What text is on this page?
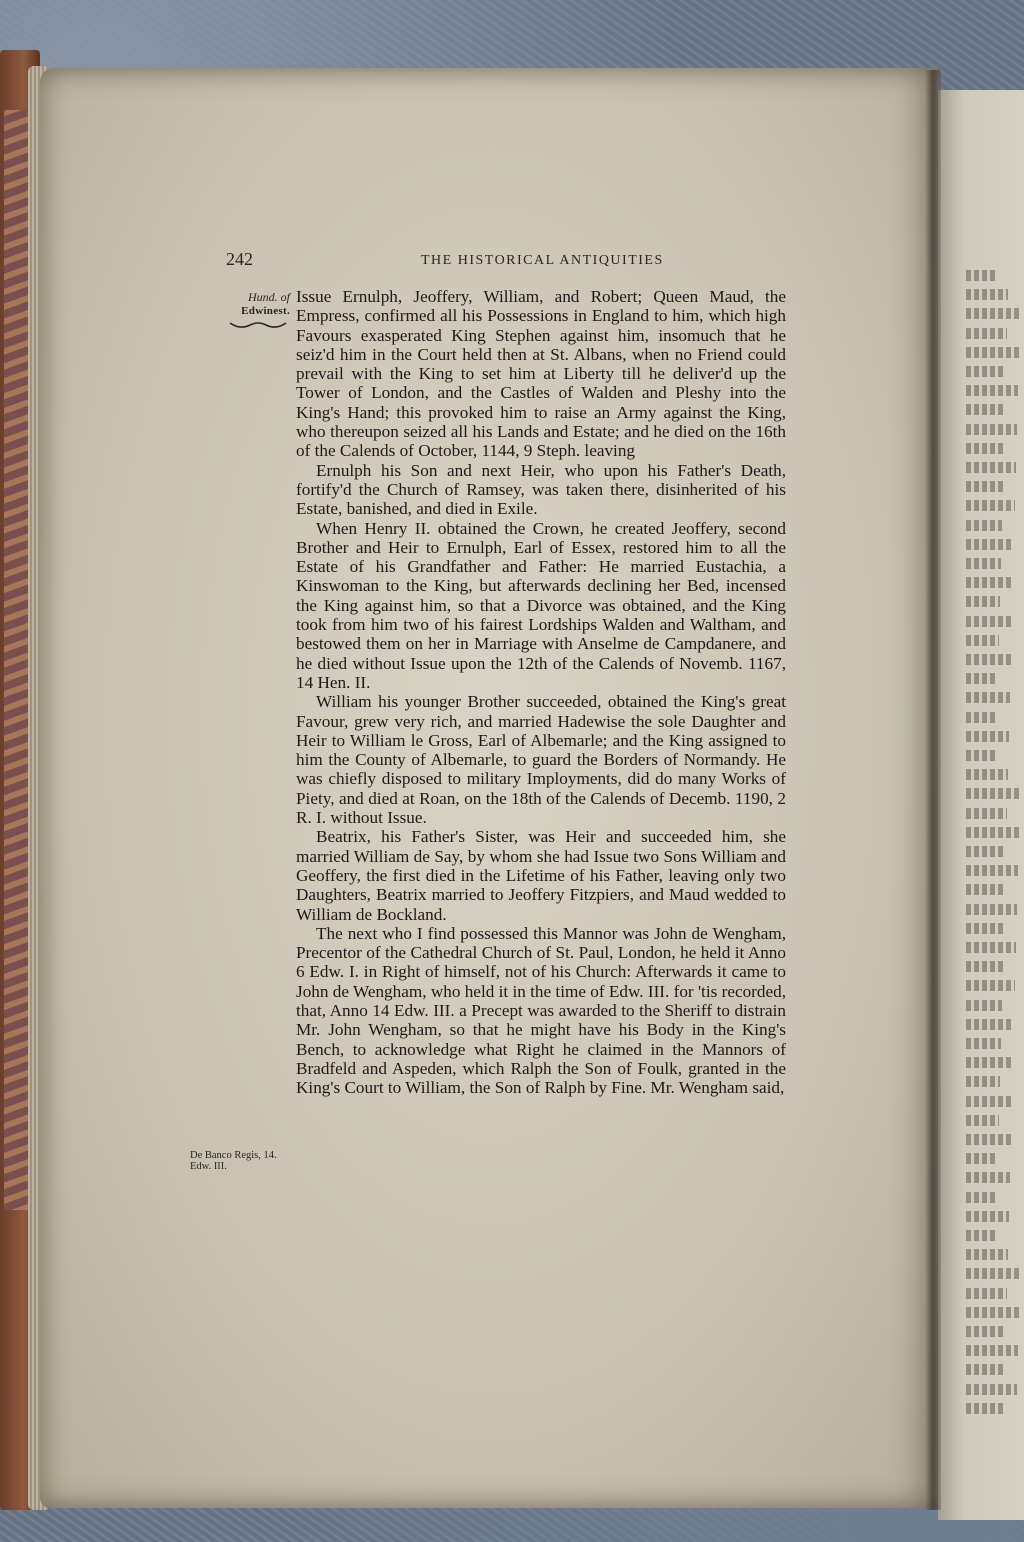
242	THE HISTORICAL ANTIQUITIES
Hund. of
Edwinest.
De Banco Regis, 14. Edw. III.

Issue Ernulph, Jeoffery, William, and Robert; Queen Maud, the Empress, confirmed all his Possessions in England to him, which high Favours exasperated King Stephen against him, insomuch that he seiz'd him in the Court held then at St. Albans, when no Friend could prevail with the King to set him at Liberty till he deliver'd up the Tower of London, and the Castles of Walden and Pleshy into the King's Hand; this provoked him to raise an Army against the King, who thereupon seized all his Lands and Estate; and he died on the 16th of the Calends of October, 1144, 9 Steph. leaving

Ernulph his Son and next Heir, who upon his Father's Death, fortify'd the Church of Ramsey, was taken there, disinherited of his Estate, banished, and died in Exile.

When Henry II. obtained the Crown, he created Jeoffery, second Brother and Heir to Ernulph, Earl of Essex, restored him to all the Estate of his Grandfather and Father: He married Eustachia, a Kinswoman to the King, but afterwards declining her Bed, incensed the King against him, so that a Divorce was obtained, and the King took from him two of his fairest Lordships Walden and Waltham, and bestowed them on her in Marriage with Anselme de Campdanere, and he died without Issue upon the 12th of the Calends of Novemb. 1167, 14 Hen. II.

William his younger Brother succeeded, obtained the King's great Favour, grew very rich, and married Hadewise the sole Daughter and Heir to William le Gross, Earl of Albemarle; and the King assigned to him the County of Albemarle, to guard the Borders of Normandy. He was chiefly disposed to military Imployments, did do many Works of Piety, and died at Roan, on the 18th of the Calends of Decemb. 1190, 2 R. I. without Issue.

Beatrix, his Father's Sister, was Heir and succeeded him, she married William de Say, by whom she had Issue two Sons William and Geoffery, the first died in the Lifetime of his Father, leaving only two Daughters, Beatrix married to Jeoffery Fitzpiers, and Maud wedded to William de Bockland.

The next who I find possessed this Mannor was John de Wengham, Precentor of the Cathedral Church of St. Paul, London, he held it Anno 6 Edw. I. in Right of himself, not of his Church: Afterwards it came to John de Wengham, who held it in the time of Edw. III. for 'tis recorded, that, Anno 14 Edw. III. a Precept was awarded to the Sheriff to distrain Mr. John Wengham, so that he might have his Body in the King's Bench, to acknowledge what Right he claimed in the Mannors of Bradfeld and Aspeden, which Ralph the Son of Foulk, granted in the King's Court to William, the Son of Ralph by Fine. Mr. Wengham said,
